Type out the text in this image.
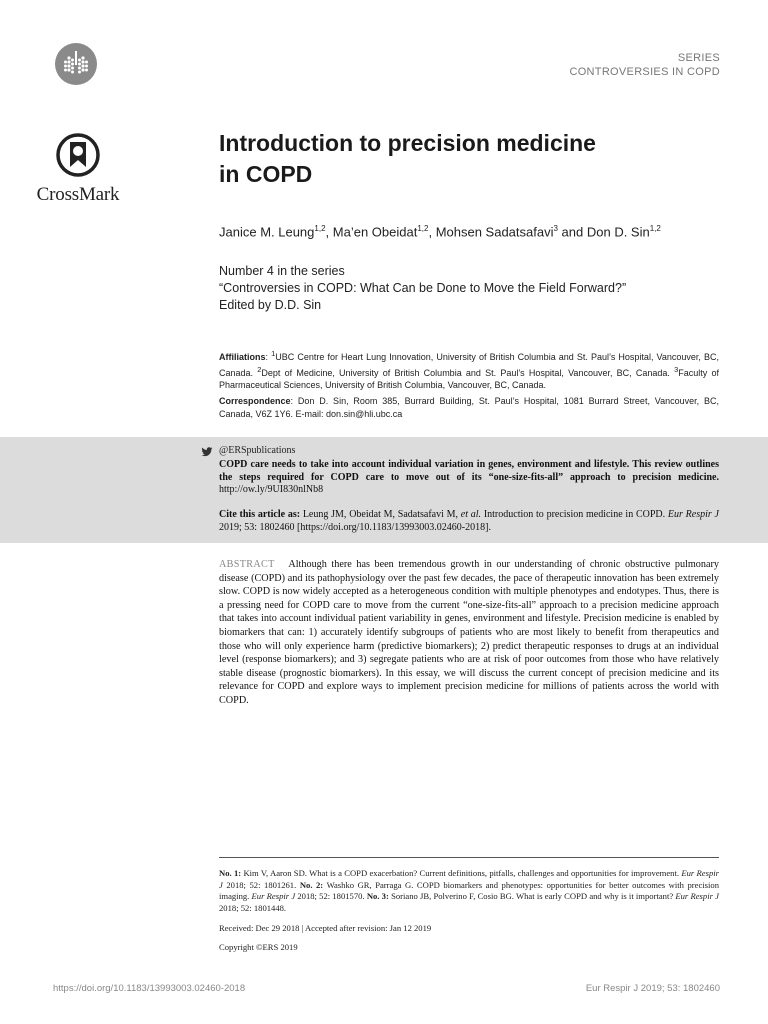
SERIES
CONTROVERSIES IN COPD
CrossMark
Introduction to precision medicine
in COPD
Janice M. Leung$^{1,2}$, Ma’en Obeidat$^{1,2}$, Mohsen Sadatsafavi$^3$ and Don D. Sin$^{1,2}$
Number 4 in the series
“Controversies in COPD: What Can be Done to Move the Field Forward?”
Edited by D.D. Sin
Affiliations: $^1$UBC Centre for Heart Lung Innovation, University of British Columbia and St. Paul’s Hospital, Vancouver, BC, Canada. $^2$Dept of Medicine, University of British Columbia and St. Paul’s Hospital, Vancouver, BC, Canada. $^3$Faculty of Pharmaceutical Sciences, University of British Columbia, Vancouver, BC, Canada.
Correspondence: Don D. Sin, Room 385, Burrard Building, St. Paul’s Hospital, 1081 Burrard Street, Vancouver, BC, Canada, V6Z 1Y6. E-mail: don.sin@hli.ubc.ca
@ERSpublications
COPD care needs to take into account individual variation in genes, environment and lifestyle. This review outlines the steps required for COPD care to move out of its “one-size-fits-all” approach to precision medicine. http://ow.ly/9UI830nlNb8
Cite this article as: Leung JM, Obeidat M, Sadatsafavi M, et al. Introduction to precision medicine in COPD. Eur Respir J 2019; 53: 1802460 [https://doi.org/10.1183/13993003.02460-2018].
ABSTRACT Although there has been tremendous growth in our understanding of chronic obstructive pulmonary disease (COPD) and its pathophysiology over the past few decades, the pace of therapeutic innovation has been extremely slow. COPD is now widely accepted as a heterogeneous condition with multiple phenotypes and endotypes. Thus, there is a pressing need for COPD care to move from the current “one-size-fits-all” approach to a precision medicine approach that takes into account individual patient variability in genes, environment and lifestyle. Precision medicine is enabled by biomarkers that can: 1) accurately identify subgroups of patients who are most likely to benefit from therapeutics and those who will only experience harm (predictive biomarkers); 2) predict therapeutic responses to drugs at an individual level (response biomarkers); and 3) segregate patients who are at risk of poor outcomes from those who have relatively stable disease (prognostic biomarkers). In this essay, we will discuss the current concept of precision medicine and its relevance for COPD and explore ways to implement precision medicine for millions of patients across the world with COPD.
No. 1: Kim V, Aaron SD. What is a COPD exacerbation? Current definitions, pitfalls, challenges and opportunities for improvement. Eur Respir J 2018; 52: 1801261. No. 2: Washko GR, Parraga G. COPD biomarkers and phenotypes: opportunities for better outcomes with precision imaging. Eur Respir J 2018; 52: 1801570. No. 3: Soriano JB, Polverino F, Cosio BG. What is early COPD and why is it important? Eur Respir J 2018; 52: 1801448.
Received: Dec 29 2018 | Accepted after revision: Jan 12 2019
Copyright ©ERS 2019
https://doi.org/10.1183/13993003.02460-2018	Eur Respir J 2019; 53: 1802460
